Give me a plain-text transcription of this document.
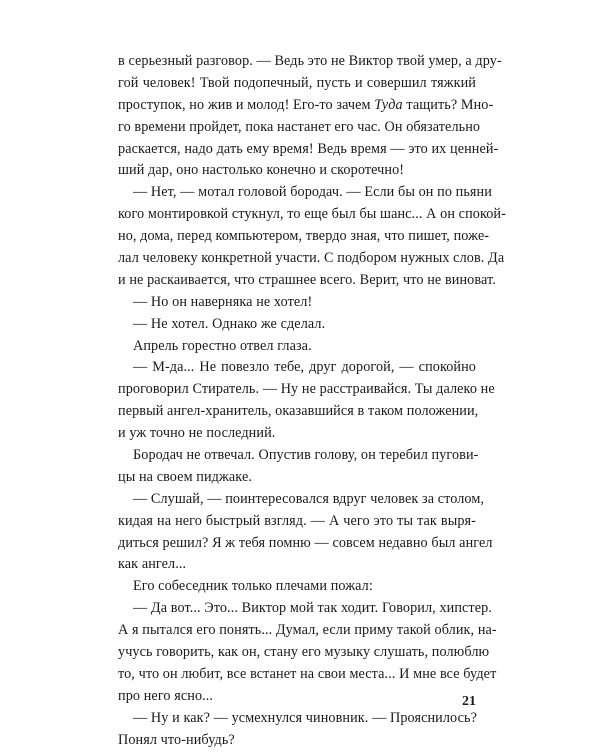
в серьезный разговор. — Ведь это не Виктор твой умер, а дру-
гой человек! Твой подопечный, пусть и совершил тяжкий
проступок, но жив и молод! Его-то зачем Туда тащить? Мно-
го времени пройдет, пока настанет его час. Он обязательно
раскается, надо дать ему время! Ведь время — это их ценней-
ший дар, оно настолько конечно и скоротечно!
— Нет, — мотал головой бородач. — Если бы он по пьяни
кого монтировкой стукнул, то еще был бы шанс... А он спокой-
но, дома, перед компьютером, твердо зная, что пишет, поже-
лал человеку конкретной участи. С подбором нужных слов. Да
и не раскаивается, что страшнее всего. Верит, что не виноват.
— Но он наверняка не хотел!
— Не хотел. Однако же сделал.
Апрель горестно отвел глаза.
— М-да... Не повезло тебе, друг дорогой, — спокойно
проговорил Стиратель. — Ну не расстраивайся. Ты далеко не
первый ангел-хранитель, оказавшийся в таком положении,
и уж точно не последний.
Бородач не отвечал. Опустив голову, он теребил пугови-
цы на своем пиджаке.
— Слушай, — поинтересовался вдруг человек за столом,
кидая на него быстрый взгляд. — А чего это ты так выря-
диться решил? Я ж тебя помню — совсем недавно был ангел
как ангел...
Его собеседник только плечами пожал:
— Да вот... Это... Виктор мой так ходит. Говорил, хипстер.
А я пытался его понять... Думал, если приму такой облик, на-
учусь говорить, как он, стану его музыку слушать, полюблю
то, что он любит, все встанет на свои места... И мне все будет
про него ясно...
— Ну и как? — усмехнулся чиновник. — Прояснилось?
Понял что-нибудь?
21
